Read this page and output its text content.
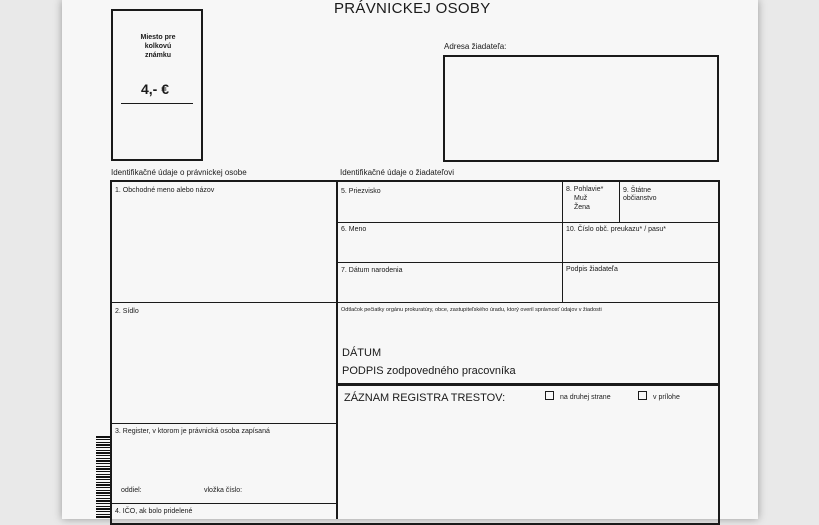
PRÁVNICKEJ OSOBY
Miesto pre kolkovú známku
4,- €
Adresa žiadateľa:
Identifikačné údaje o právnickej osobe	Identifikačné údaje o žiadateľovi
1. Obchodné meno alebo názov
2. Sídlo
3. Register, v ktorom je právnická osoba zapísaná
oddiel:	vložka číslo:
4. IČO, ak bolo pridelené
5. Priezvisko	8. Pohlavie*
Muž
Žena
9. Štátne občianstvo
6. Meno	10. Číslo obč. preukazu* / pasu*
7. Dátum narodenia	Podpis žiadateľa
Odtlačok pečiatky orgánu prokuratúry, obce, zastupiteľského úradu, ktorý overil správnosť údajov v žiadosti
DÁTUM
PODPIS zodpovedného pracovníka
ZÁZNAM REGISTRA TRESTOV:	na druhej strane	v prílohe
